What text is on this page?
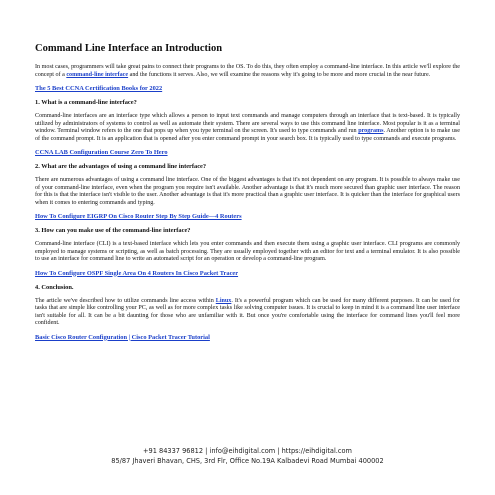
Command Line Interface an Introduction

In most cases, programmers will take great pains to connect their programs to the OS. To do this, they often employ a command-line interface. In this article we'll explore the concept of a command-line interface and the functions it serves. Also, we will examine the reasons why it's going to be more and more crucial in the near future.

The 5 Best CCNA Certification Books for 2022
1. What is a command-line interface?

Command-line interfaces are an interface type which allows a person to input text commands and manage computers through an interface that is text-based. It is typically utilized by administrators of systems to control as well as automate their system. There are several ways to use this command line interface. Most popular is it as a terminal window. Terminal window refers to the one that pops up when you type terminal on the screen. It's used to type commands and run programs. Another option is to make use of the command prompt. It is an application that is opened after you enter command prompt in your search box. It is typically used to type commands and execute programs.

CCNA LAB Configuration Course Zero To Hero
2. What are the advantages of using a command line interface?

There are numerous advantages of using a command line interface. One of the biggest advantages is that it's not dependent on any program. It is possible to always make use of your command-line interface, even when the program you require isn't available. Another advantage is that it's much more secured than graphic user interface. The reason for this is that the interface isn't visible to the user. Another advantage is that it's more practical than a graphic user interface. It is quicker than the interface for graphical users when it comes to entering commands and typing.

How To Configure EIGRP On Cisco Router Step By Step Guide—4 Routers
3. How can you make use of the command-line interface?

Command-line interface (CLI) is a text-based interface which lets you enter commands and then execute them using a graphic user interface. CLI programs are commonly employed to manage systems or scripting, as well as batch processing. They are usually employed together with an editor for text and a terminal emulator. It is also possible to use an interface for command line to write an automated script for an operation or develop a command-line program.

How To Configure OSPF Single Area On 4 Routers In Cisco Packet Tracer
4. Conclusion.

The article we've described how to utilize commands line access within Linux. It's a powerful program which can be used for many different purposes. It can be used for tasks that are simple like controlling your PC, as well as for more complex tasks like solving computer issues. It is crucial to keep in mind it is a command line user interface isn't suitable for all. It can be a bit daunting for those who are unfamiliar with it. But once you're comfortable using the interface for command lines you'll feel more confident.

Basic Cisco Router Configuration | Cisco Packet Tracer Tutorial
+91 84337 96812 | info@eihdigital.com | https://eihdigital.com
85/87 Jhaveri Bhavan, CHS, 3rd Flr, Office No.19A Kalbadevi Road Mumbai 400002
